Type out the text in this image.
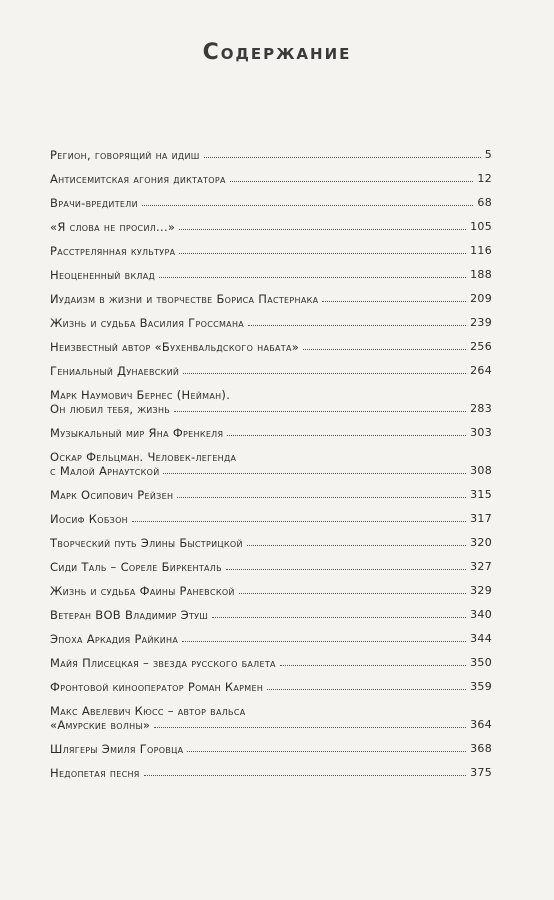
Содержание
Регион, говорящий на идиш	5
Антисемитская агония диктатора	12
Врачи-вредители	68
«Я слова не просил...»	105
Расстрелянная культура	116
Неоцененный вклад	188
Иудаизм в жизни и творчестве Бориса Пастернака	209
Жизнь и судьба Василия Гроссмана	239
Неизвестный автор «Бухенвальдского набата»	256
Гениальный Дунаевский	264
Марк Наумович Бернес (Нейман).
Он любил тебя, жизнь	283
Музыкальный мир Яна Френкеля	303
Оскар Фельцман. Человек-легенда
с Малой Арнаутской	308
Марк Осипович Рейзен	315
Иосиф Кобзон	317
Творческий путь Элины Быстрицкой	320
Сиди Таль – Сореле Биркенталь	327
Жизнь и судьба Фаины Раневской	329
Ветеран ВОВ Владимир Этуш	340
Эпоха Аркадия Райкина	344
Майя Плисецкая – звезда русского балета	350
Фронтовой кинооператор Роман Кармен	359
Макс Авелевич Кюсс – автор вальса
«Амурские волны»	364
Шлягеры Эмиля Горовца	368
Недопетая песня	375
